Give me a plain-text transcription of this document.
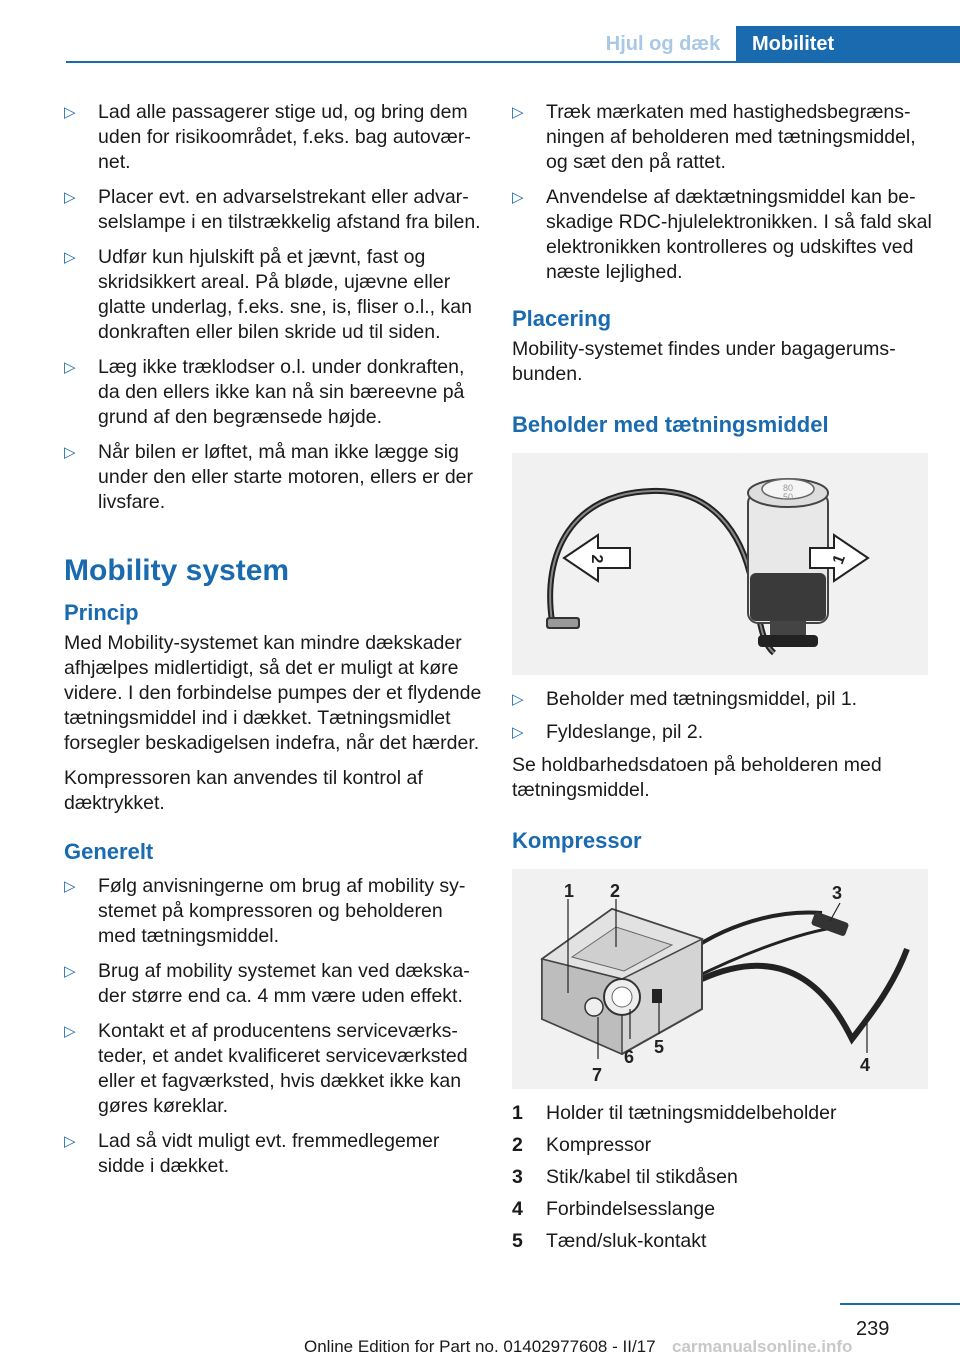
Hjul og dæk	Mobilitet
▷ Lad alle passagerer stige ud, og bring dem uden for risikoområdet, f.eks. bag autoværnet.
▷ Placer evt. en advarselstrekant eller advarselslampe i en tilstrækkelig afstand fra bilen.
▷ Udfør kun hjulskift på et jævnt, fast og skridsikkert areal. På bløde, ujævne eller glatte underlag, f.eks. sne, is, fliser o.l., kan donkraften eller bilen skride ud til siden.
▷ Læg ikke træklodser o.l. under donkraften, da den ellers ikke kan nå sin bæreevne på grund af den begrænsede højde.
▷ Når bilen er løftet, må man ikke lægge sig under den eller starte motoren, ellers er der livsfare.
Mobility system
Princip
Med Mobility-systemet kan mindre dækskader afhjælpes midlertidigt, så det er muligt at køre videre. I den forbindelse pumpes der et flydende tætningsmiddel ind i dækket. Tætningsmidlet forsegler beskadigelsen indefra, når det hærder.
Kompressoren kan anvendes til kontrol af dæktrykket.
Generelt
▷ Følg anvisningerne om brug af mobility systemet på kompressoren og beholderen med tætningsmiddel.
▷ Brug af mobility systemet kan ved dækskader større end ca. 4 mm være uden effekt.
▷ Kontakt et af producentens serviceværksteder, et andet kvalificeret serviceværksted eller et fagværksted, hvis dækket ikke kan gøres køreklar.
▷ Lad så vidt muligt evt. fremmedlegemer sidde i dækket.
▷ Træk mærkaten med hastighedsbegrænsningen af beholderen med tætningsmiddel, og sæt den på rattet.
▷ Anvendelse af dæktætningsmiddel kan beskadige RDC-hjulelektronikken. I så fald skal elektronikken kontrolleres og udskiftes ved næste lejlighed.
Placering
Mobility-systemet findes under bagagerumsbunden.
Beholder med tætningsmiddel
80
50
2	1
▷ Beholder med tætningsmiddel, pil 1.
▷ Fyldeslange, pil 2.
Se holdbarhedsdatoen på beholderen med tætningsmiddel.
Kompressor
1 2	3
4
5
6
7
1 Holder til tætningsmiddelbeholder
2 Kompressor
3 Stik/kabel til stikdåsen
4 Forbindelsesslange
5 Tænd/sluk-kontakt
239
Online Edition for Part no. 01402977608 - II/17 carmanualsonline.info
